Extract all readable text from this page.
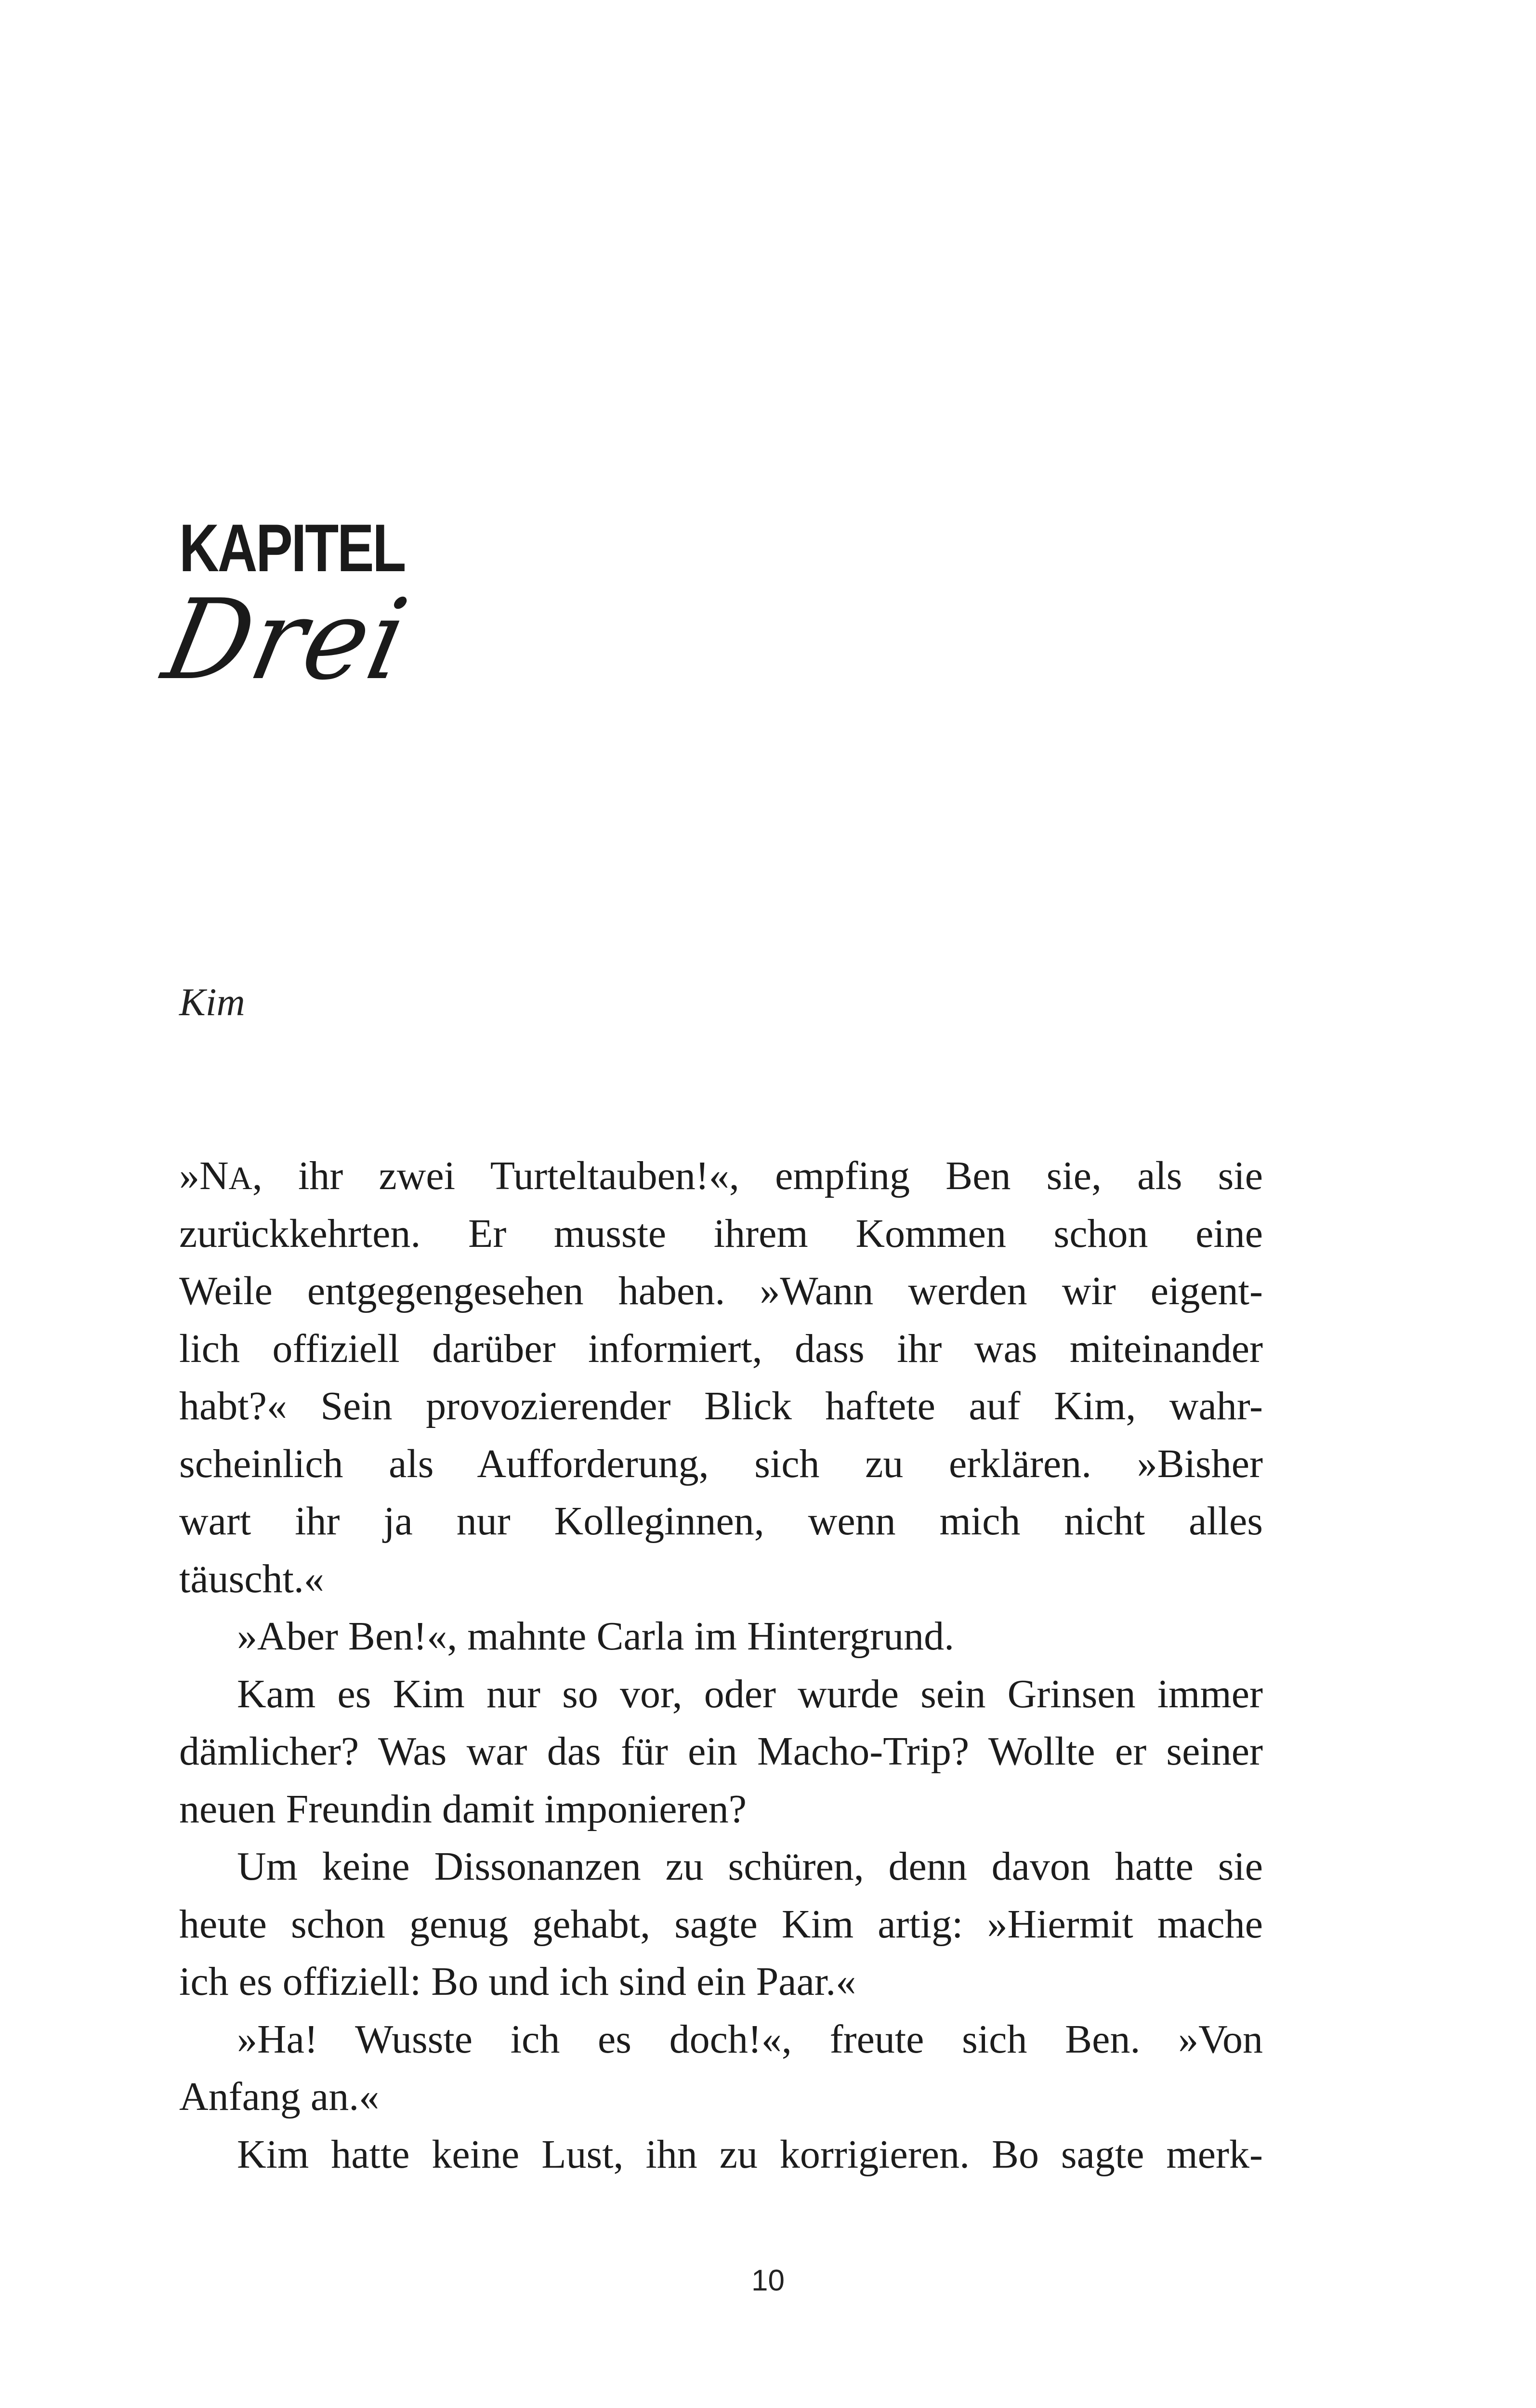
KAPITEL
Drei
Kim
»NA, ihr zwei Turteltauben!«, empfing Ben sie, als sie
zurückkehrten. Er musste ihrem Kommen schon eine
Weile entgegengesehen haben. »Wann werden wir eigent-
lich offiziell darüber informiert, dass ihr was miteinander
habt?« Sein provozierender Blick haftete auf Kim, wahr-
scheinlich als Aufforderung, sich zu erklären. »Bisher
wart ihr ja nur Kolleginnen, wenn mich nicht alles
täuscht.«
»Aber Ben!«, mahnte Carla im Hintergrund.
Kam es Kim nur so vor, oder wurde sein Grinsen immer
dämlicher? Was war das für ein Macho-Trip? Wollte er seiner
neuen Freundin damit imponieren?
Um keine Dissonanzen zu schüren, denn davon hatte sie
heute schon genug gehabt, sagte Kim artig: »Hiermit mache
ich es offiziell: Bo und ich sind ein Paar.«
»Ha! Wusste ich es doch!«, freute sich Ben. »Von
Anfang an.«
Kim hatte keine Lust, ihn zu korrigieren. Bo sagte merk-
10
